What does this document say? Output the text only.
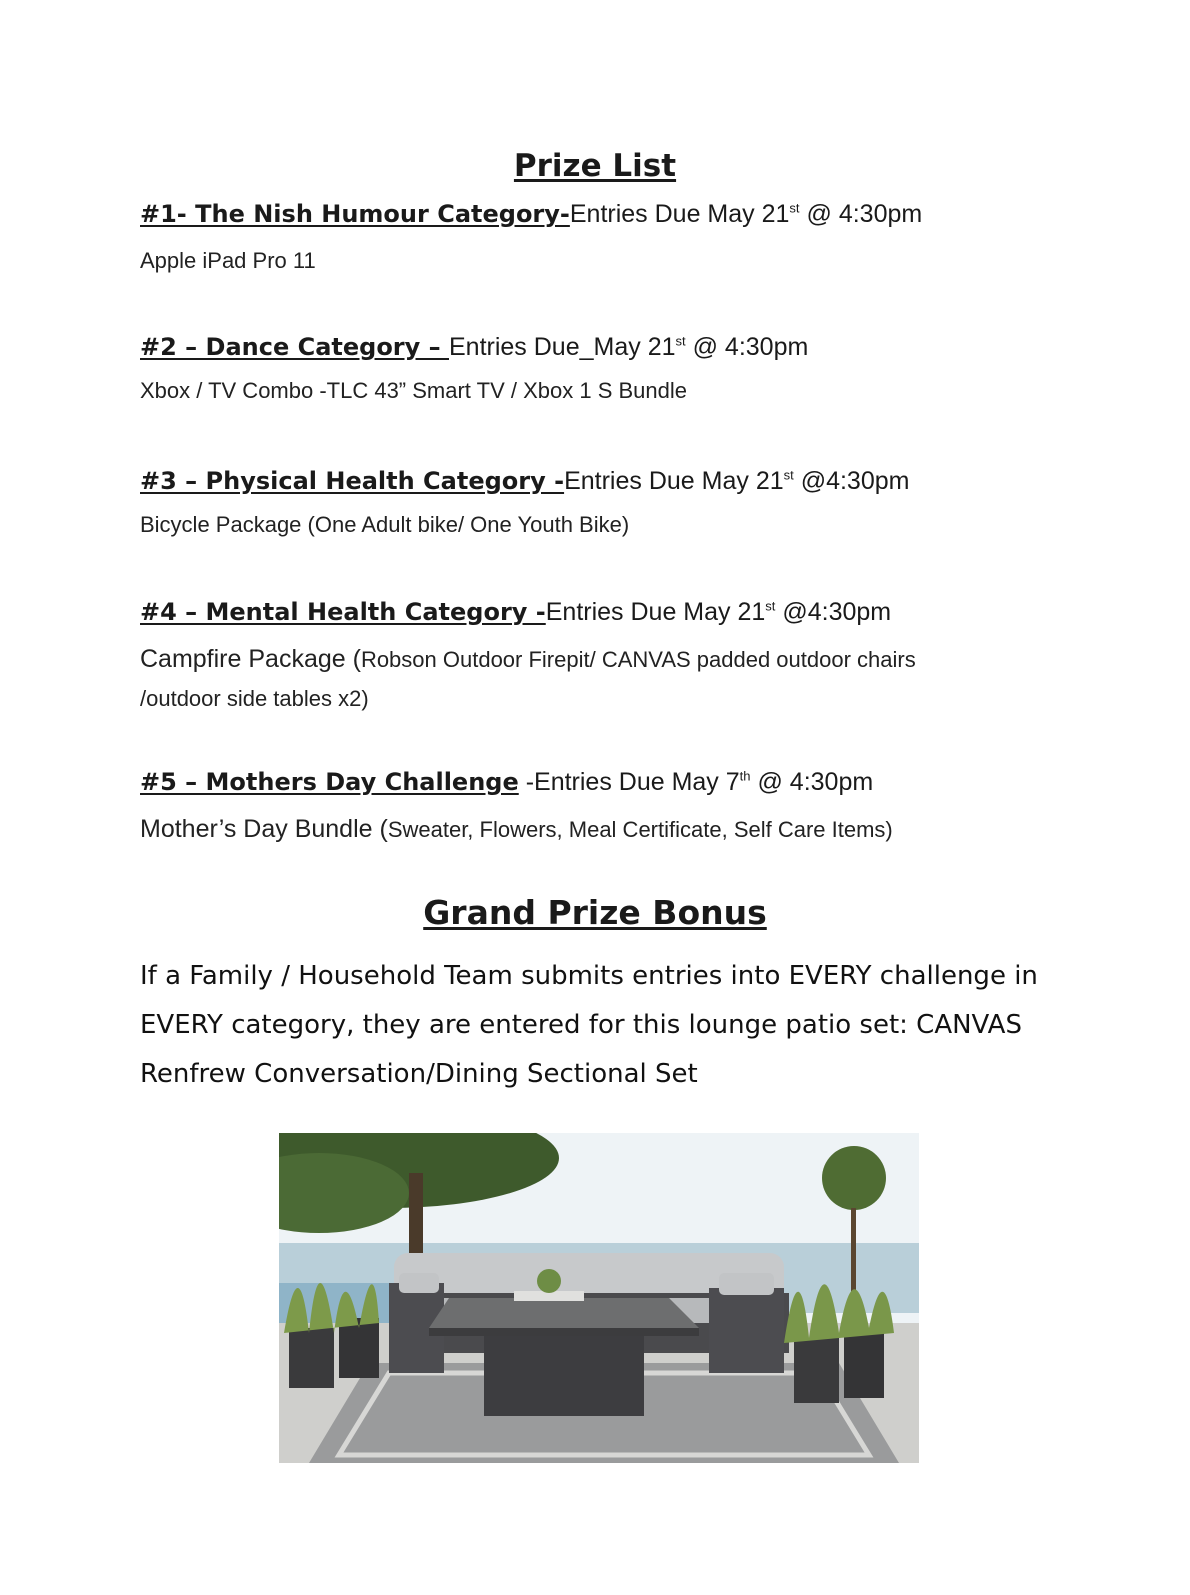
Prize List
#1- The Nish Humour Category-Entries Due May 21st @ 4:30pm
Apple iPad Pro 11
#2 – Dance Category – Entries Due_May 21st @ 4:30pm
Xbox / TV Combo -TLC 43” Smart TV / Xbox 1 S Bundle
#3 – Physical Health Category -Entries Due May 21st @4:30pm
Bicycle Package (One Adult bike/ One Youth Bike)
#4 – Mental Health Category -Entries Due May 21st @4:30pm
Campfire Package (Robson Outdoor Firepit/ CANVAS padded outdoor chairs
/outdoor side tables x2)
#5 – Mothers Day Challenge -Entries Due May 7th @ 4:30pm
Mother’s Day Bundle (Sweater, Flowers, Meal Certificate, Self Care Items)
Grand Prize Bonus
If a Family / Household Team submits entries into EVERY challenge in EVERY category, they are entered for this lounge patio set: CANVAS Renfrew Conversation/Dining Sectional Set
